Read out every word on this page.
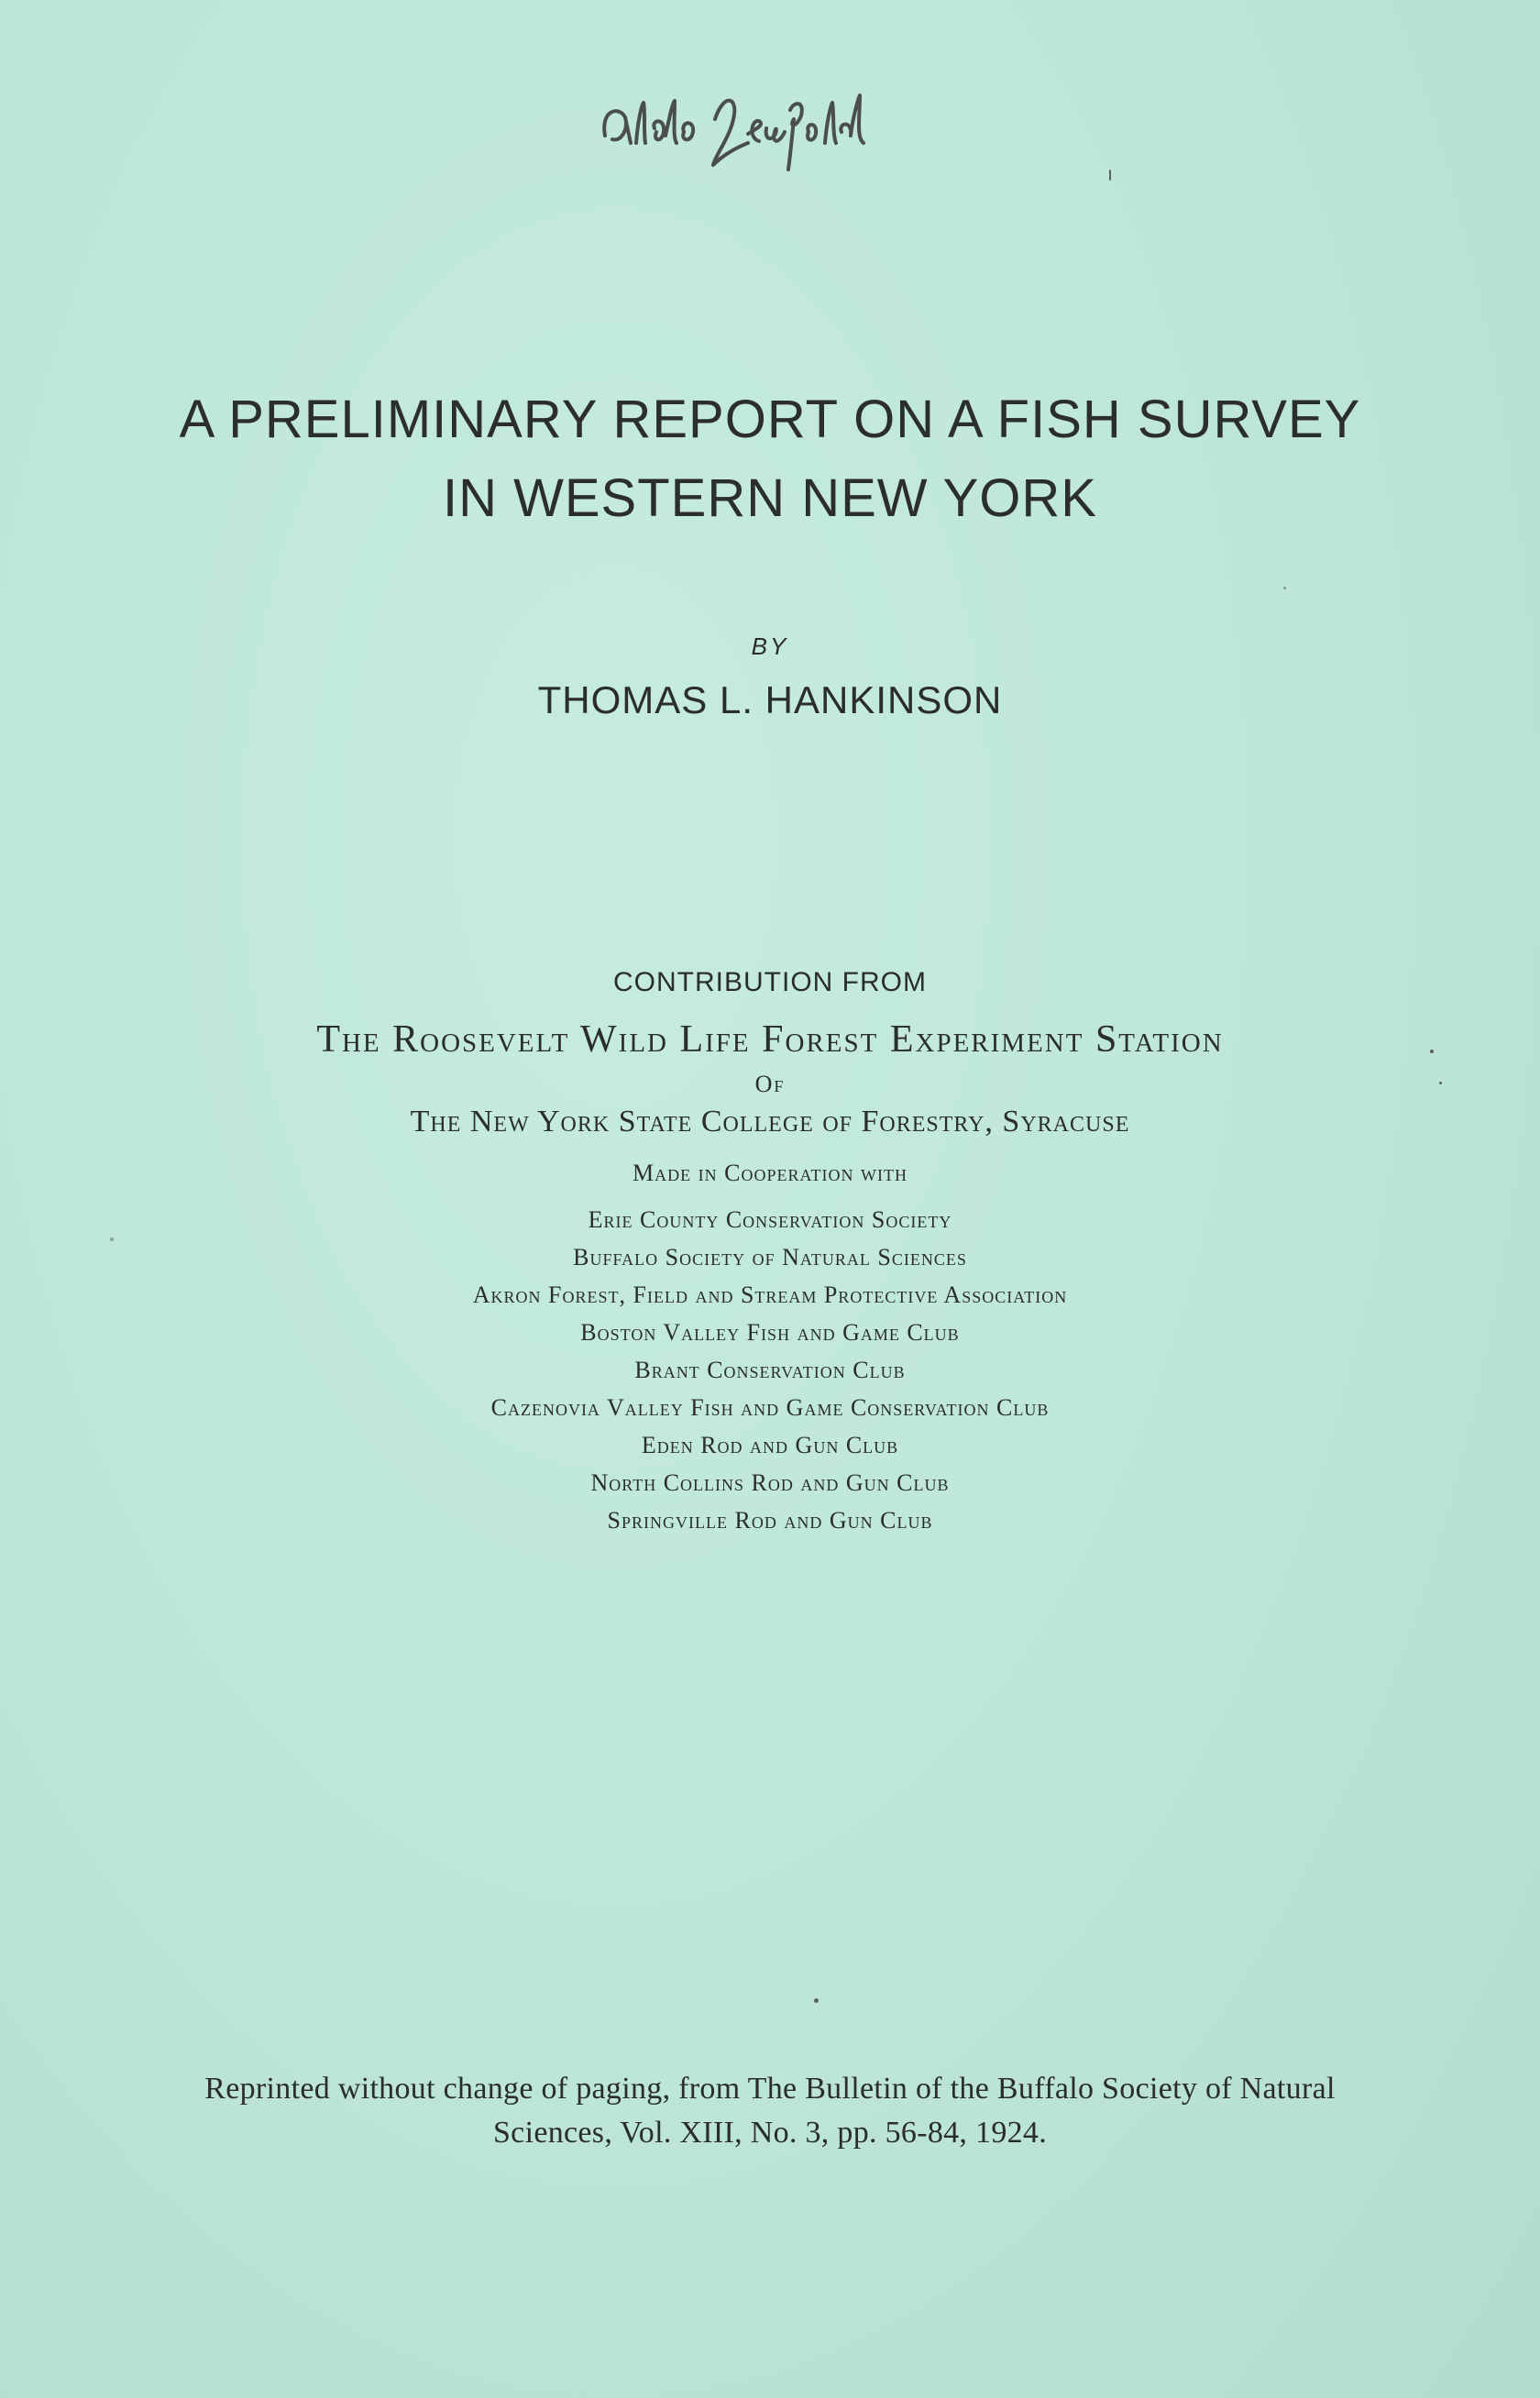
A PRELIMINARY REPORT ON A FISH SURVEY
IN WESTERN NEW YORK
BY
THOMAS L. HANKINSON
CONTRIBUTION FROM
The Roosevelt Wild Life Forest Experiment Station
Of
The New York State College of Forestry, Syracuse
Made in Cooperation with
Erie County Conservation Society
Buffalo Society of Natural Sciences
Akron Forest, Field and Stream Protective Association
Boston Valley Fish and Game Club
Brant Conservation Club
Cazenovia Valley Fish and Game Conservation Club
Eden Rod and Gun Club
North Collins Rod and Gun Club
Springville Rod and Gun Club
Reprinted without change of paging, from The Bulletin of the Buffalo Society of Natural
Sciences, Vol. XIII, No. 3, pp. 56-84, 1924.
